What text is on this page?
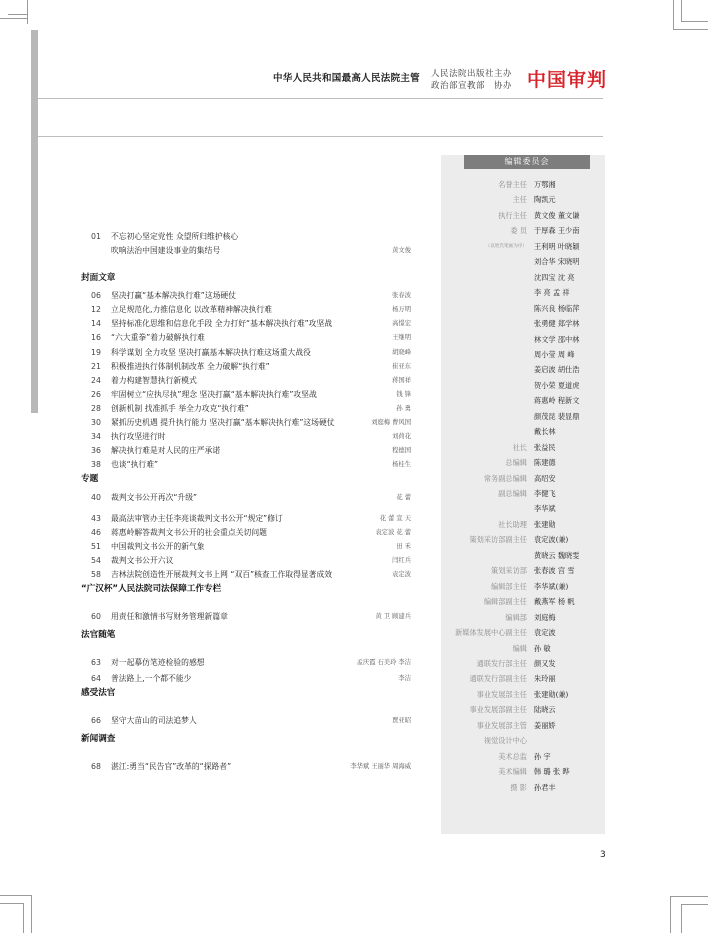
中华人民共和国最高人民法院主管 人民法院出版社主办
政治部宣教部　协办 中国审判
01 不忘初心坚定党性 众望所归维护核心
吹响法治中国建设事业的集结号	黄文俊
封面文章
06 坚决打赢“基本解决执行难”这场硬仗	张春波
12 立足规范化,力推信息化 以改革精神解决执行难	杨万明
14 坚持标准化思维和信息化手段 全力打好“基本解决执行难”攻坚战	高憬宏
16 “六大重拳”着力破解执行难	王继明
19 科学谋划 全力攻坚 坚决打赢基本解决执行难这场重大战役	胡晓峰
21 积极推进执行体制机制改革 全力破解“执行难”	崔亚东
24 着力构建智慧执行新模式	蒋国祥
26 牢固树立“应执尽执”理念 坚决打赢“基本解决执行难”攻坚战	钱 锋
28 创新机制 找准抓手 举全力攻克“执行难”	孙 勇
30 紧抓历史机遇 提升执行能力 坚决打赢“基本解决执行难”这场硬仗	刘庭梅 曹风国
34 执行攻坚进行时	刘荷花
36 解决执行难是对人民的庄严承诺	程德国
38 也谈“执行难”	杨桂生
专题
40 裁判文书公开再次“升级”	花 蕾
43 最高法审管办主任李亮谈裁判文书公开“规定”修订	花 蕾 宣 天
46 蒋惠岭解答裁判文书公开的社会重点关切问题	袁定波 花 蕾
51 中国裁判文书公开的新气象	田 禾
54 裁判文书公开六议	闫红兵
58 吉林法院创造性开展裁判文书上网 “双百”核查工作取得显著成效	袁定波
“广汉杯”人民法院司法保障工作专栏
60 用责任和激情书写财务管理新篇章	黄 卫 顾建兵
法官随笔
63 对一起摹仿笔迹检验的感想	孟庆霞 石美玲 李洁
64 普法路上,一个都不能少	李洁
感受法官
66 坚守大苗山的司法追梦人	贾亚昭
新闻调查
68 湛江:勇当“民告官”改革的“探路者”	李华斌 王丽华 周海威
编辑委员会
名誉主任 万鄂湘
主任 陶凯元
执行主任 黄文俊 董文谦
委 员 于厚森 王少南
（以姓氏笔画为序） 王利明 叶晓颖
刘合华 宋晓明
沈四宝 沈 亮
李 亮 孟 祥
陈兴良 杨临萍
张勇健 郑学林
林文学 邵中林
周小莹 周 峰
姜启波 胡仕浩
贺小荣 夏道虎
蒋惠岭 程新文
颜茂昆 裴显鼎
戴长林
社长 张益民
总编辑 陈建德
常务副总编辑 高绍安
副总编辑 李健飞
李华斌
社长助理 张建勋
策划采访部副主任 袁定波(兼)
黄晓云 魏晓雯
策划采访部 张春波 宫 雪
编辑部主任 李华斌(兼)
编辑部副主任 戴燕军 杨 帆
编辑部 刘庭梅
新媒体发展中心副主任 袁定波
编辑 孙 敏
通联发行部主任 颜又发
通联发行部副主任 朱玲丽
事业发展部主任 张建勋(兼)
事业发展部副主任 陆晓云
事业发展部主管 姜丽娇
视觉设计中心
美术总监 孙 宇
美术编辑 韩 璐 张 晔
摄 影 孙君丰
3
